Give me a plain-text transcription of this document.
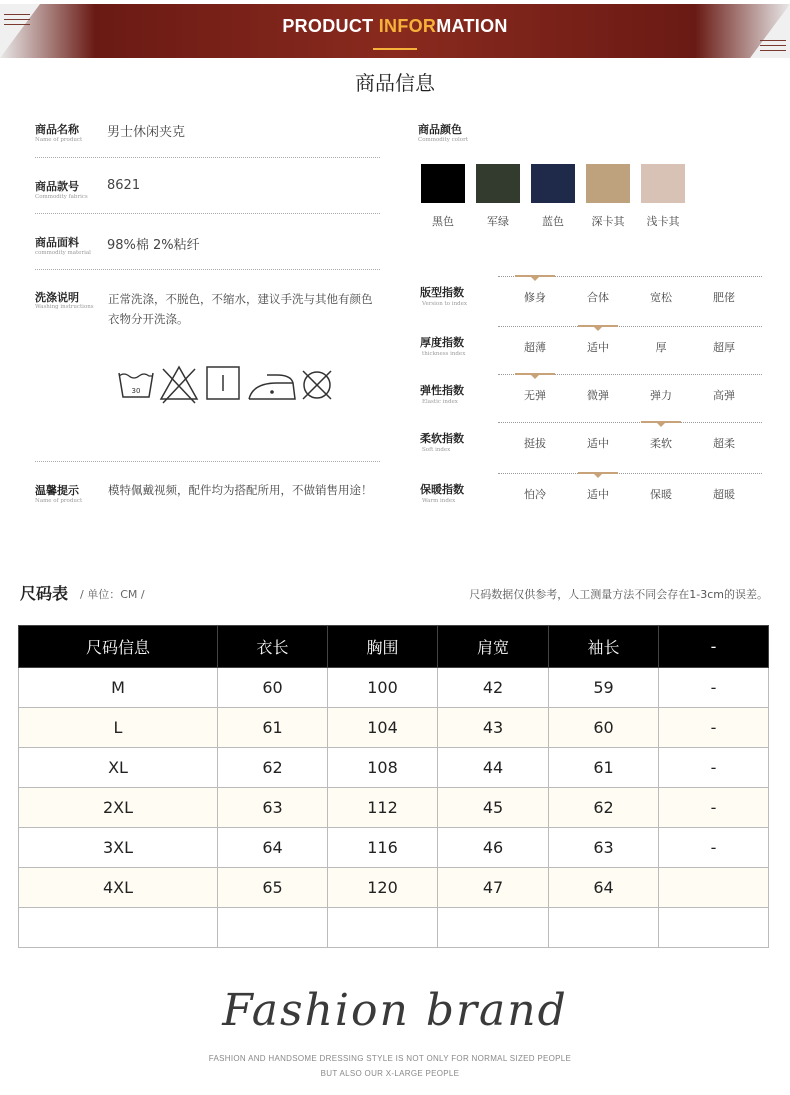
PRODUCT INFORMATION
商品信息
商品名称
Name of product 男士休闲夹克
商品款号
Commodity fabrics
8621
商品面料
commodity material 98%棉 2%粘纤
洗涤说明
Washing instructions
正常洗涤，不脱色，不缩水，建议手洗与其他有颜色衣物分开洗涤。
30
温馨提示
Name of product
模特佩戴视频，配件均为搭配所用，不做销售用途！
商品颜色
Commodity colort
黑色	军绿	蓝色	深卡其	浅卡其
版型指数
Version to index	修身	合体	宽松	肥佬
厚度指数
thickness index	超薄	适中	厚	超厚
弹性指数
Elastic index	无弹	微弹	弹力	高弹
柔软指数
Soft index	挺拔	适中	柔软	超柔
保暖指数
Warm index	怕冷	适中	保暖	超暖
尺码表 / 单位：CM /	尺码数据仅供参考，人工测量方法不同会存在1-3cm的误差。
尺码信息	衣长	胸围	肩宽	袖长	-
M	60	100	42	59	-
L	61	104	43	60	-
XL	62	108	44	61	-
2XL	63	112	45	62	-
3XL	64	116	46	63	-
4XL	65	120	47	64	

Fashion brand
FASHION AND HANDSOME DRESSING STYLE IS NOT ONLY FOR NORMAL SIZED PEOPLE
BUT ALSO OUR X-LARGE PEOPLE
